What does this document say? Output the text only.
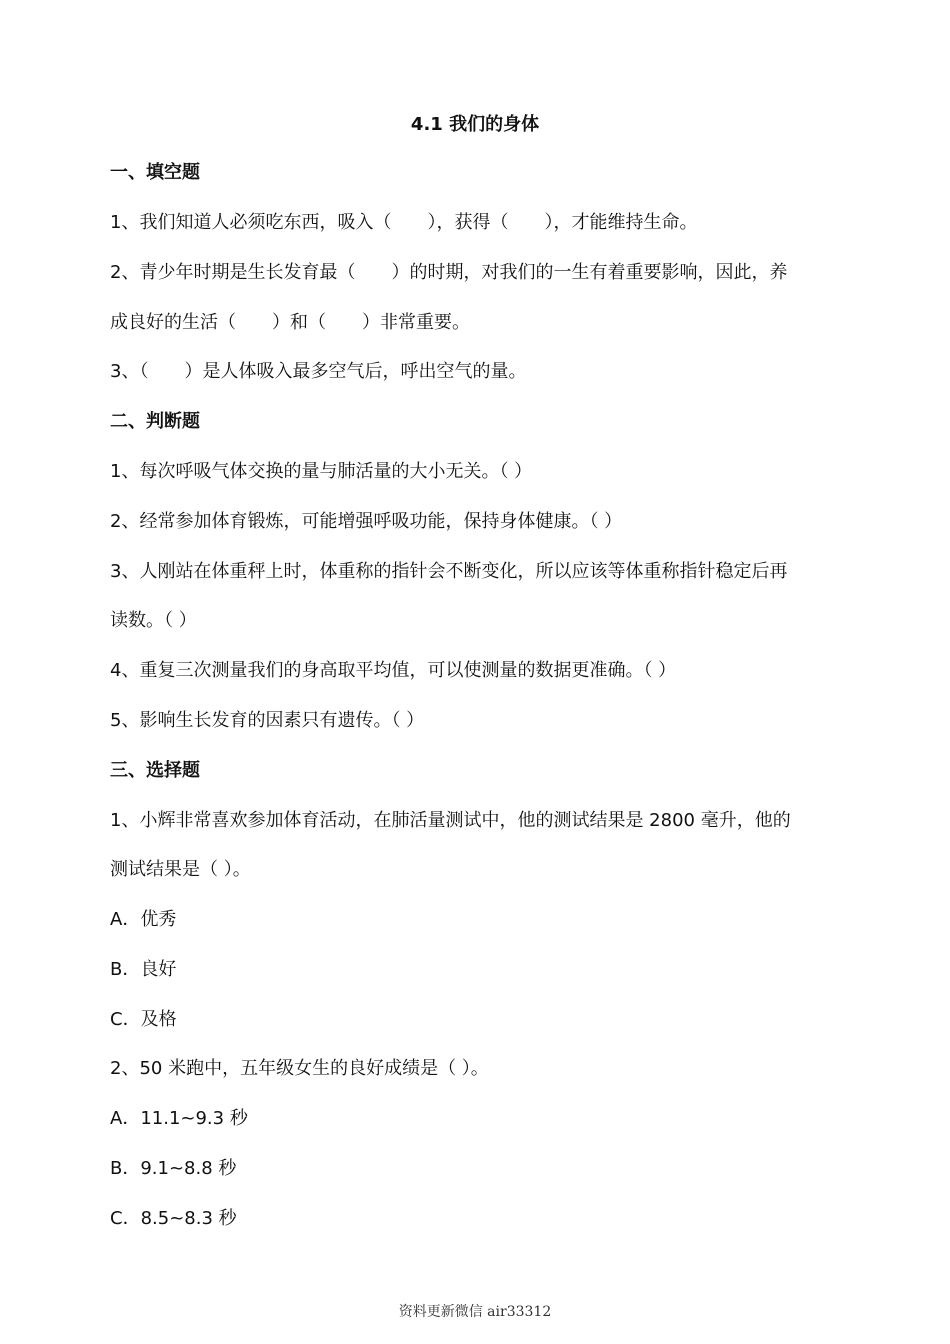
4.1 我们的身体
一、填空题
1、我们知道人必须吃东西，吸入（　　），获得（　　），才能维持生命。
2、青少年时期是生长发育最（　　）的时期，对我们的一生有着重要影响，因此，养
成良好的生活（　　）和（　　）非常重要。
3、（　　）是人体吸入最多空气后，呼出空气的量。
二、判断题
1、每次呼吸气体交换的量与肺活量的大小无关。（ ）
2、经常参加体育锻炼，可能增强呼吸功能，保持身体健康。（ ）
3、人刚站在体重秤上时，体重称的指针会不断变化，所以应该等体重称指针稳定后再
读数。（ ）
4、重复三次测量我们的身高取平均值，可以使测量的数据更准确。（ ）
5、影响生长发育的因素只有遗传。（ ）
三、选择题
1、小辉非常喜欢参加体育活动，在肺活量测试中，他的测试结果是 2800 毫升，他的
测试结果是（ ）。
A．优秀
B．良好
C．及格
2、50 米跑中，五年级女生的良好成绩是（ ）。
A．11.1~9.3 秒
B．9.1~8.8 秒
C．8.5~8.3 秒
资料更新微信 air33312
